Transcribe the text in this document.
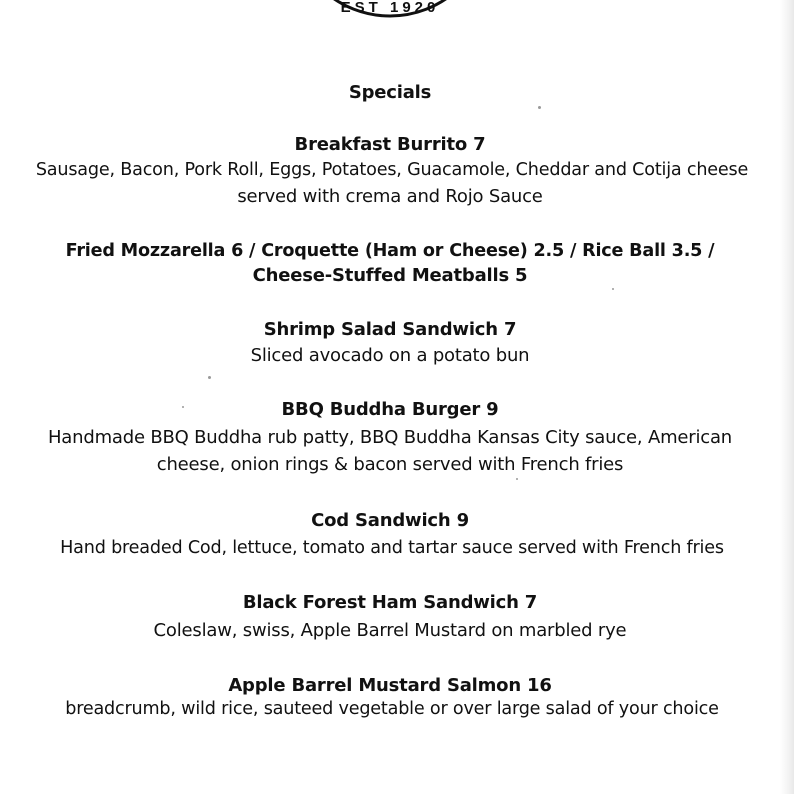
EST 1920
Specials
Breakfast Burrito 7
Sausage, Bacon, Pork Roll, Eggs, Potatoes, Guacamole, Cheddar and Cotija cheese
served with crema and Rojo Sauce
Fried Mozzarella 6 / Croquette (Ham or Cheese) 2.5 / Rice Ball 3.5 /
Cheese-Stuffed Meatballs 5
Shrimp Salad Sandwich 7
Sliced avocado on a potato bun
BBQ Buddha Burger 9
Handmade BBQ Buddha rub patty, BBQ Buddha Kansas City sauce, American
cheese, onion rings & bacon served with French fries
Cod Sandwich 9
Hand breaded Cod, lettuce, tomato and tartar sauce served with French fries
Black Forest Ham Sandwich 7
Coleslaw, swiss, Apple Barrel Mustard on marbled rye
Apple Barrel Mustard Salmon 16
breadcrumb, wild rice, sauteed vegetable or over large salad of your choice
